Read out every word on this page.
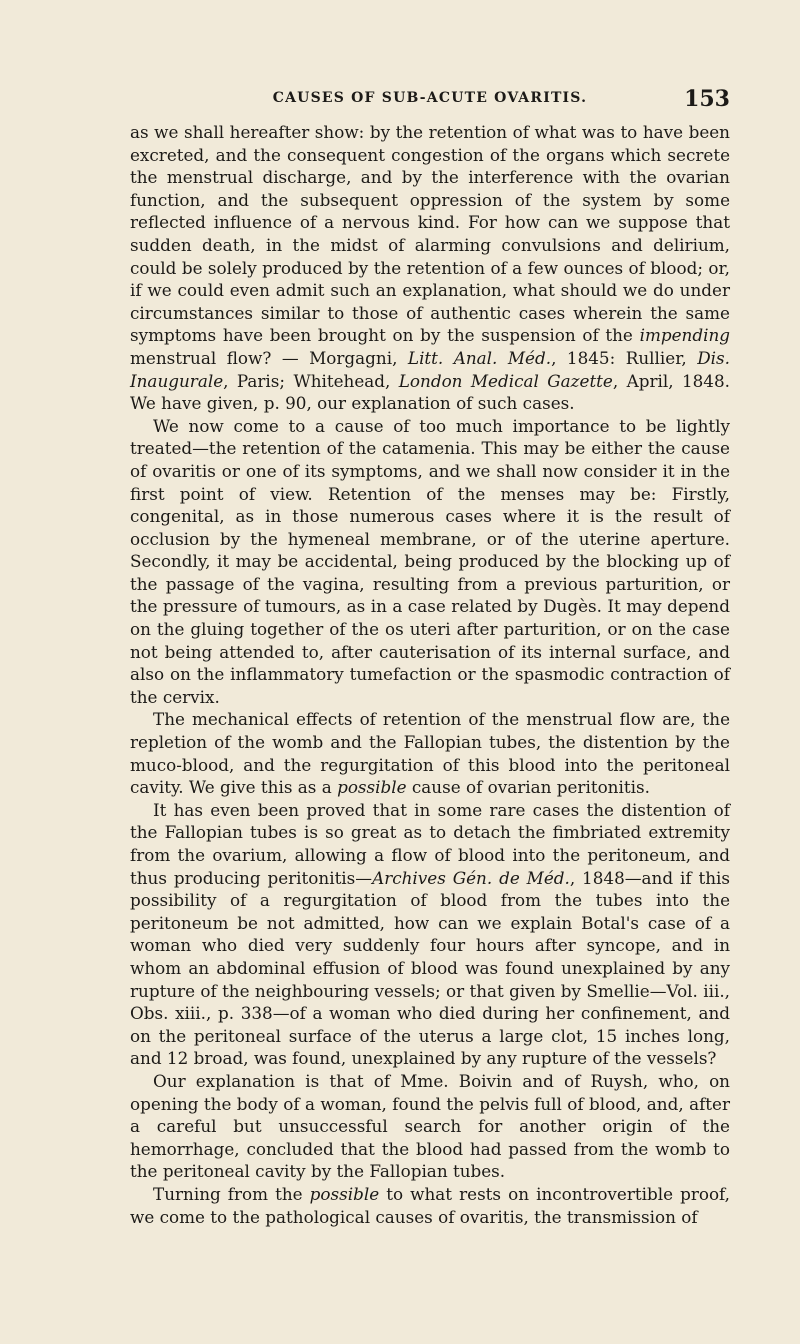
CAUSES OF SUB-ACUTE OVARITIS.	153

as we shall hereafter show: by the retention of what was to have been excreted, and the consequent congestion of the organs which secrete the menstrual discharge, and by the interference with the ovarian function, and the subsequent oppression of the system by some reflected influence of a nervous kind. For how can we suppose that sudden death, in the midst of alarming convulsions and delirium, could be solely produced by the retention of a few ounces of blood; or, if we could even admit such an explanation, what should we do under circumstances similar to those of authentic cases wherein the same symptoms have been brought on by the suspension of the impending menstrual flow? — Morgagni, Litt. Anal. Méd., 1845: Rullier, Dis. Inaugurale, Paris; Whitehead, London Medical Gazette, April, 1848. We have given, p. 90, our explanation of such cases.

We now come to a cause of too much importance to be lightly treated—the retention of the catamenia. This may be either the cause of ovaritis or one of its symptoms, and we shall now consider it in the first point of view. Retention of the menses may be: Firstly, congenital, as in those numerous cases where it is the result of occlusion by the hymeneal membrane, or of the uterine aperture. Secondly, it may be accidental, being produced by the blocking up of the passage of the vagina, resulting from a previous parturition, or the pressure of tumours, as in a case related by Dugès. It may depend on the gluing together of the os uteri after parturition, or on the case not being attended to, after cauterisation of its internal surface, and also on the inflammatory tumefaction or the spasmodic contraction of the cervix.

The mechanical effects of retention of the menstrual flow are, the repletion of the womb and the Fallopian tubes, the distention by the muco-blood, and the regurgitation of this blood into the peritoneal cavity. We give this as a possible cause of ovarian peritonitis.

It has even been proved that in some rare cases the distention of the Fallopian tubes is so great as to detach the fimbriated extremity from the ovarium, allowing a flow of blood into the peritoneum, and thus producing peritonitis—Archives Gén. de Méd., 1848—and if this possibility of a regurgitation of blood from the tubes into the peritoneum be not admitted, how can we explain Botal's case of a woman who died very suddenly four hours after syncope, and in whom an abdominal effusion of blood was found unexplained by any rupture of the neighbouring vessels; or that given by Smellie—Vol. iii., Obs. xiii., p. 338—of a woman who died during her confinement, and on the peritoneal surface of the uterus a large clot, 15 inches long, and 12 broad, was found, unexplained by any rupture of the vessels?

Our explanation is that of Mme. Boivin and of Ruysh, who, on opening the body of a woman, found the pelvis full of blood, and, after a careful but unsuccessful search for another origin of the hemorrhage, concluded that the blood had passed from the womb to the peritoneal cavity by the Fallopian tubes.

Turning from the possible to what rests on incontrovertible proof, we come to the pathological causes of ovaritis, the transmission of
